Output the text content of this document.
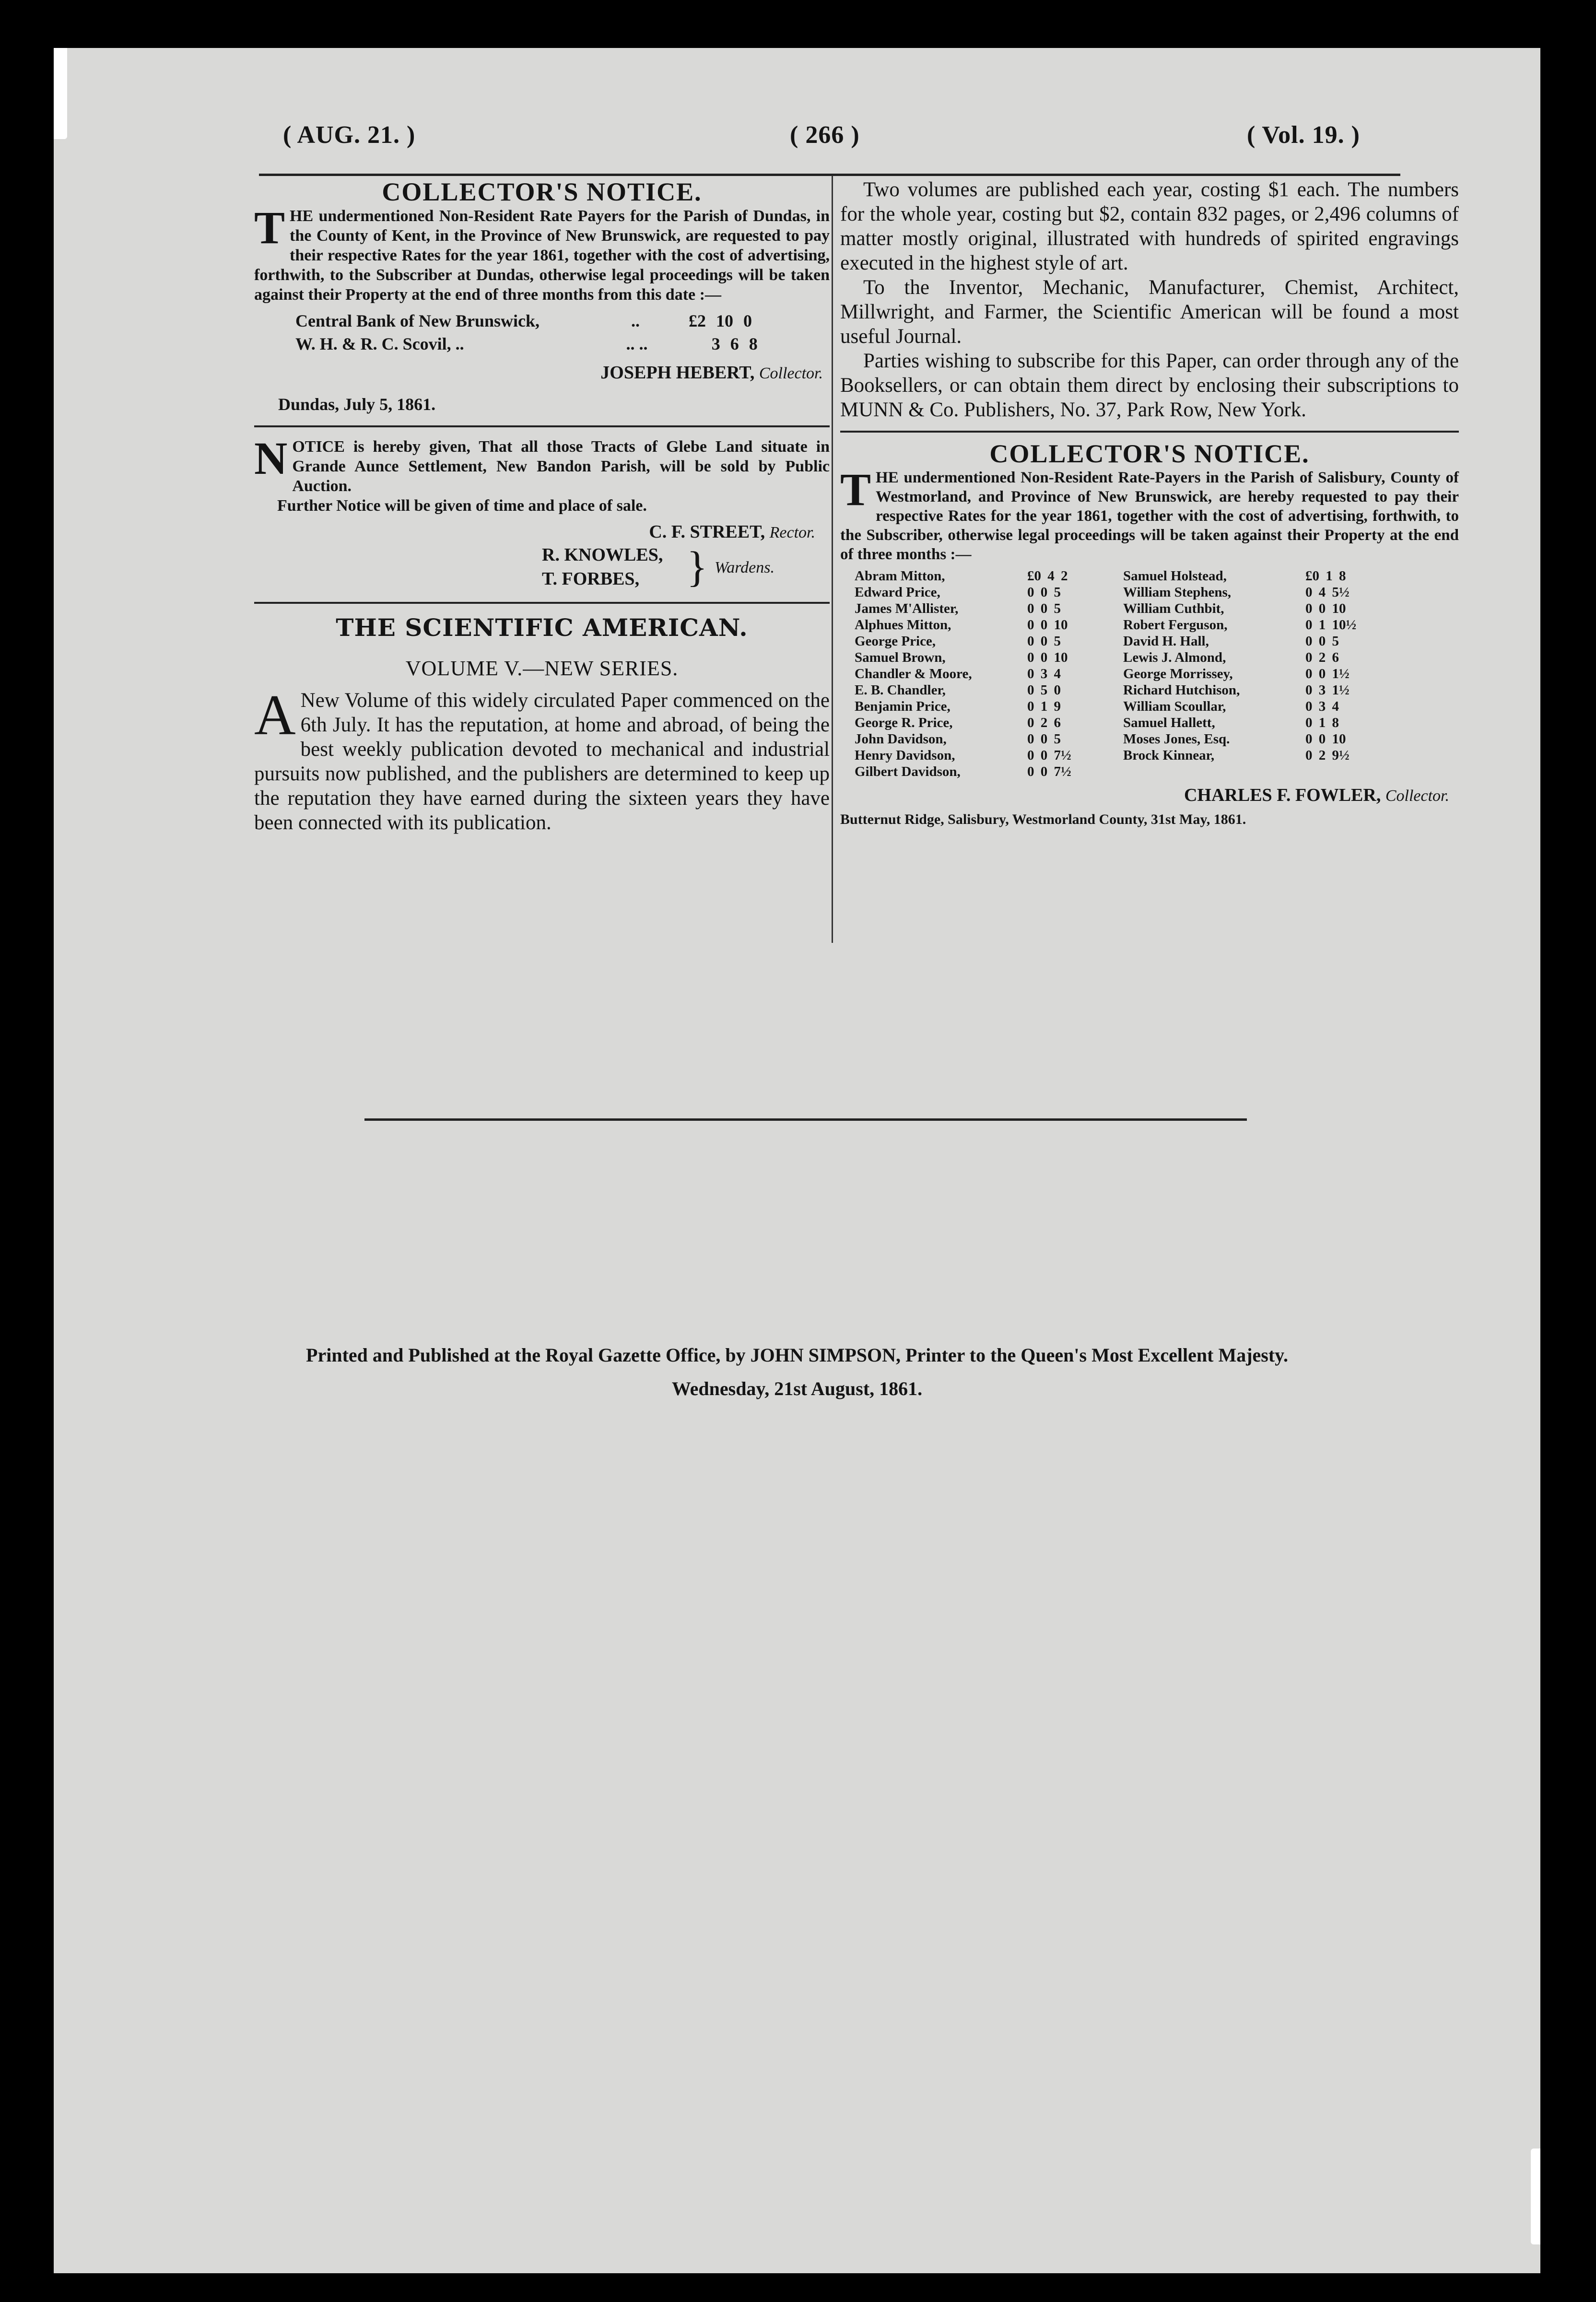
( AUG. 21. )	( 266 )	( Vol. 19. )
COLLECTOR'S NOTICE.

THE undermentioned Non-Resident Rate Payers for the Parish of Dundas, in the County of Kent, in the Province of New Brunswick, are requested to pay their respective Rates for the year 1861, together with the cost of advertising, forthwith, to the Subscriber at Dundas, otherwise legal proceedings will be taken against their Property at the end of three months from this date :—

Central Bank of New Brunswick,	..	£2 10 0
W. H. & R. C. Scovil, ..	.. ..	3 6 8

JOSEPH HEBERT, Collector.

Dundas, July 5, 1861.

NOTICE is hereby given, That all those Tracts of Glebe Land situate in Grande Aunce Settlement, New Bandon Parish, will be sold by Public Auction.

Further Notice will be given of time and place of sale.

C. F. STREET, Rector.

R. KNOWLES,
T. FORBES, } Wardens.
THE SCIENTIFIC AMERICAN.

VOLUME V.—NEW SERIES.

A New Volume of this widely circulated Paper commenced on the 6th July. It has the reputation, at home and abroad, of being the best weekly publication devoted to mechanical and industrial pursuits now published, and the publishers are determined to keep up the reputation they have earned during the sixteen years they have been connected with its publication.

Two volumes are published each year, costing $1 each. The numbers for the whole year, costing but $2, contain 832 pages, or 2,496 columns of matter mostly original, illustrated with hundreds of spirited engravings executed in the highest style of art.

To the Inventor, Mechanic, Manufacturer, Chemist, Architect, Millwright, and Farmer, the Scientific American will be found a most useful Journal.

Parties wishing to subscribe for this Paper, can order through any of the Booksellers, or can obtain them direct by enclosing their subscriptions to MUNN & Co. Publishers, No. 37, Park Row, New York.

COLLECTOR'S NOTICE.

THE undermentioned Non-Resident Rate-Payers in the Parish of Salisbury, County of Westmorland, and Province of New Brunswick, are hereby requested to pay their respective Rates for the year 1861, together with the cost of advertising, forthwith, to the Subscriber, otherwise legal proceedings will be taken against their Property at the end of three months :—

Abram Mitton,	£0 4 2	Samuel Holstead,	£0 1 8
Edward Price,	0 0 5	William Stephens,	0 4 5½
James M'Allister,	0 0 5	William Cuthbit,	0 0 10
Alphues Mitton,	0 0 10	Robert Ferguson,	0 1 10½
George Price,	0 0 5	David H. Hall,	0 0 5
Samuel Brown,	0 0 10	Lewis J. Almond,	0 2 6
Chandler & Moore,	0 3 4	George Morrissey,	0 0 1½
E. B. Chandler,	0 5 0	Richard Hutchison,	0 3 1½
Benjamin Price,	0 1 9	William Scoullar,	0 3 4
George R. Price,	0 2 6	Samuel Hallett,	0 1 8
John Davidson,	0 0 5	Moses Jones, Esq.	0 0 10
Henry Davidson,	0 0 7½	Brock Kinnear,	0 2 9½
Gilbert Davidson,	0 0 7½

CHARLES F. FOWLER, Collector.

Butternut Ridge, Salisbury, Westmorland County, 31st May, 1861.

Printed and Published at the Royal Gazette Office, by JOHN SIMPSON, Printer to the Queen's Most Excellent Majesty.
Wednesday, 21st August, 1861.
